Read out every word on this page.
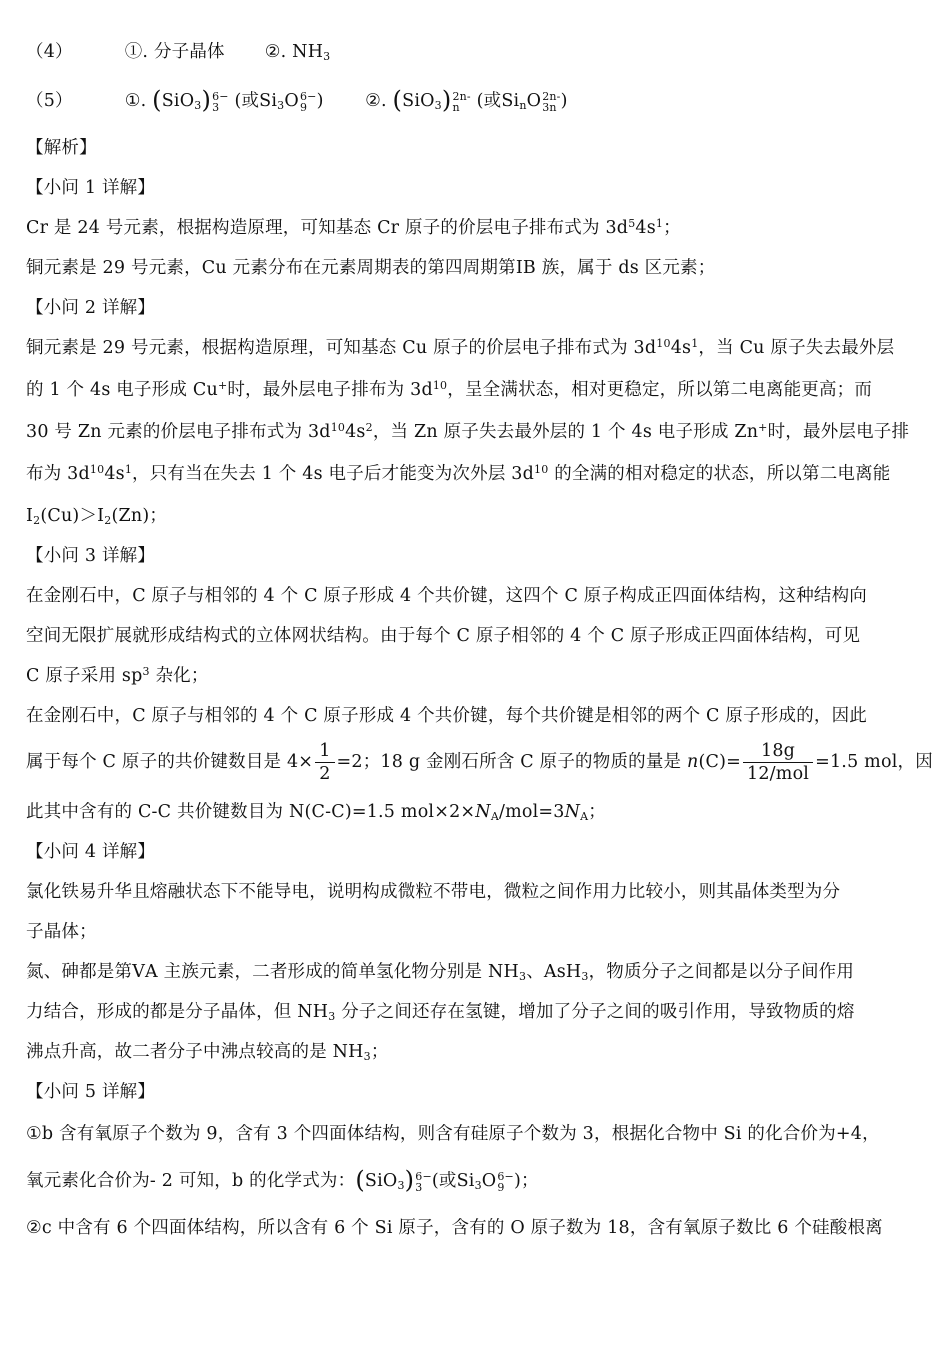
（4）	①. 分子晶体 ②. $NH_3$
（5）	①. (SiO$_3$) 6−
3 (或$Si_3O$ 6−
9 ) ②. (SiO$_3$) 2n-
n (或$Si_nO$ 2n-
3n )
【解析】
【小问 1 详解】
Cr 是 24 号元素，根据构造原理，可知基态 Cr 原子的价层电子排布式为 $3d^54s^1$；
铜元素是 29 号元素，Cu 元素分布在元素周期表的第四周期第ⅠB 族，属于 ds 区元素；
【小问 2 详解】
铜元素是 29 号元素，根据构造原理，可知基态 Cu 原子的价层电子排布式为 $3d^{10}4s^1$，当 Cu 原子失去最外层
的 1 个 4s 电子形成 Cu+时，最外层电子排布为 $3d^{10}$，呈全满状态，相对更稳定，所以第二电离能更高；而
30 号 Zn 元素的价层电子排布式为 $3d^{10}4s^2$，当 Zn 原子失去最外层的 1 个 4s 电子形成 Zn+时，最外层电子排
布为 $3d^{10}4s^1$，只有当在失去 1 个 4s 电子后才能变为次外层 $3d^{10}$ 的全满的相对稳定的状态，所以第二电离能
$I_2(Cu)>I_2(Zn)$；
【小问 3 详解】
在金刚石中，C 原子与相邻的 4 个 C 原子形成 4 个共价键，这四个 C 原子构成正四面体结构，这种结构向
空间无限扩展就形成结构式的立体网状结构。由于每个 C 原子相邻的 4 个 C 原子形成正四面体结构，可见
C 原子采用 $sp^3$ 杂化；
在金刚石中，C 原子与相邻的 4 个 C 原子形成 4 个共价键，每个共价键是相邻的两个 C 原子形成的，因此
属于每个 C 原子的共价键数目是 $4\times \frac{1}{2} =2$；18 g 金刚石所含 C 原子的物质的量是 n(C)=
18g
12/mol
=1.5 mol，因
此其中含有的 C-C 共价键数目为 N(C-C)=1.5 $mol\times 2\times N_A/mol=3N_A$；
【小问 4 详解】
氯化铁易升华且熔融状态下不能导电，说明构成微粒不带电，微粒之间作用力比较小，则其晶体类型为分
子晶体；
氮、砷都是第ⅤA 主族元素，二者形成的简单氢化物分别是 $NH_3$、AsH$_3$，物质分子之间都是以分子间作用
力结合，形成的都是分子晶体，但 $NH_3$ 分子之间还存在氢键，增加了分子之间的吸引作用，导致物质的熔
沸点升高，故二者分子中沸点较高的是 $NH_3$；
【小问 5 详解】
①b 含有氧原子个数为 9，含有 3 个四面体结构，则含有硅原子个数为 3，根据化合物中 Si 的化合价为+4，
氧元素化合价为- 2 可知，b 的化学式为：(SiO$_3$) 6−
3 (或$Si_3O$ 6−
9 )；
②c 中含有 6 个四面体结构，所以含有 6 个 Si 原子，含有的 O 原子数为 18，含有氧原子数比 6 个硅酸根离
